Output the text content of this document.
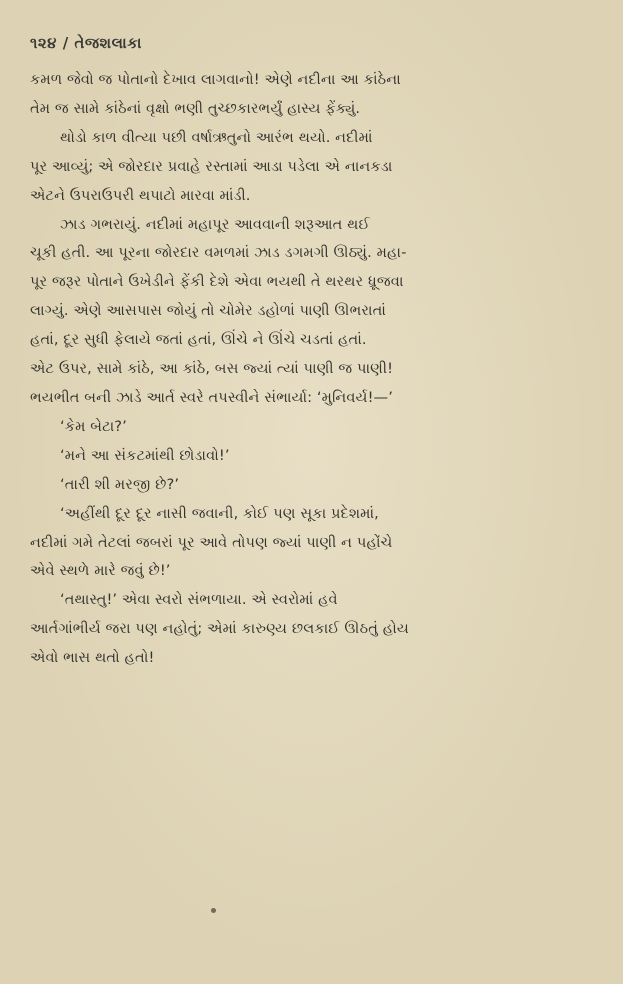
૧૨૪ / તેજશલાકા
કમળ જેવો જ પોતાનો દેખાવ લાગવાનો! એણે નદીના આ કાંઠેના
તેમ જ સામે કાંઠેનાં વૃક્ષો ભણી તુચ્છકારભર્યું હાસ્ય ફેંક્યું.
થોડો કાળ વીત્યા પછી વર્ષાઋતુનો આરંભ થયો. નદીમાં
પૂર આવ્યું; એ જોરદાર પ્રવાહે રસ્તામાં આડા પડેલા એ નાનકડા
એટને ઉપરાઉપરી થપાટો મારવા માંડી.
ઝાડ ગભરાયું. નદીમાં મહાપૂર આવવાની શરૂઆત થઈ
ચૂકી હતી. આ પૂરના જોરદાર વમળમાં ઝાડ ડગમગી ઊઠ્યું. મહા-
પૂર જરૂર પોતાને ઉખેડીને ફેંકી દેશે એવા ભયથી તે થરથર ધ્રૂજવા
લાગ્યું. એણે આસપાસ જોયું તો ચોમેર ડહોળાં પાણી ઊભરાતાં
હતાં, દૂર સુધી ફેલાયે જતાં હતાં, ઊંચે ને ઊંચે ચડતાં હતાં.
એટ ઉપર, સામે કાંઠે, આ કાંઠે, બસ જ્યાં ત્યાં પાણી જ પાણી!
ભયભીત બની ઝાડે આર્ત સ્વરે તપસ્વીને સંભાર્યા: ‘મુનિવર્ય!—’
‘કેમ બેટા?’
‘મને આ સંકટમાંથી છોડાવો!’
‘તારી શી મરજી છે?’
‘અહીંથી દૂર દૂર નાસી જવાની, કોઈ પણ સૂકા પ્રદેશમાં,
નદીમાં ગમે તેટલાં જબરાં પૂર આવે તોપણ જ્યાં પાણી ન પહોંચે
એવે સ્થળે મારે જવું છે!’
‘તથાસ્તુ!’ એવા સ્વરો સંભળાયા. એ સ્વરોમાં હવે
આર્તગાંભીર્ય જરા પણ નહોતું; એમાં કારુણ્ય છલકાઈ ઊઠતું હોય
એવો ભાસ થતો હતો!
